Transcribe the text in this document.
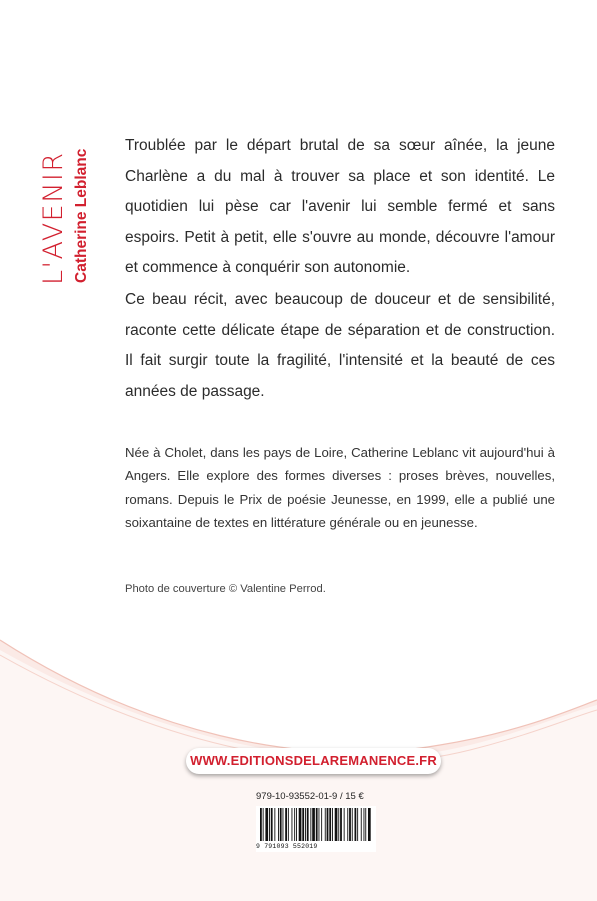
L'AVENIR Catherine Leblanc

Troublée par le départ brutal de sa sœur aînée, la jeune Charlène a du mal à trouver sa place et son identité. Le quotidien lui pèse car l'avenir lui semble fermé et sans espoirs. Petit à petit, elle s'ouvre au monde, découvre l'amour et commence à conquérir son autonomie.

Ce beau récit, avec beaucoup de douceur et de sensibilité, raconte cette délicate étape de séparation et de construction. Il fait surgir toute la fragilité, l'intensité et la beauté de ces années de passage.

Née à Cholet, dans les pays de Loire, Catherine Leblanc vit aujourd'hui à Angers. Elle explore des formes diverses : proses brèves, nouvelles, romans. Depuis le Prix de poésie Jeunesse, en 1999, elle a publié une soixantaine de textes en littérature générale ou en jeunesse.

Photo de couverture © Valentine Perrod.

WWW.EDITIONSDELAREMANENCE.FR
979-10-93552-01-9 / 15 €
9 791093 552019
